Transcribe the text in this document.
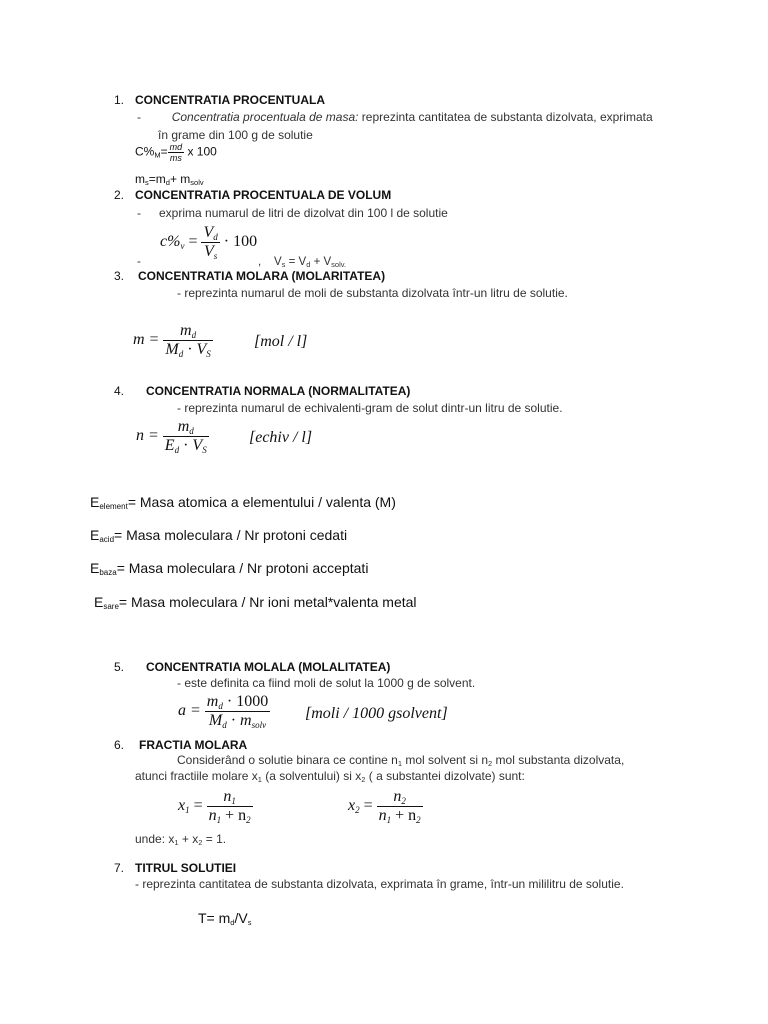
1. CONCENTRATIA PROCENTUALA
-	Concentratia procentuala de masa: reprezinta cantitatea de substanta dizolvata, exprimata
în grame din 100 g de solutie
$C\%_M= \frac{md}{ms}$ x 100
$m_s=m_d+ m_{solv}$
2. CONCENTRATIA PROCENTUALA DE VOLUM
- exprima numarul de litri de dizolvat din 100 l de solutie
$c\%_v = \frac{V_d}{V_s} \cdot 100$
-	, $V_s = V_d + V_{solv.}$
3. CONCENTRATIA MOLARA (MOLARITATEA)
- reprezinta numarul de moli de substanta dizolvata într-un litru de solutie.
$m = \frac{m_d}{M_d \cdot V_S}$	[mol / l]
4. CONCENTRATIA NORMALA (NORMALITATEA)
- reprezinta numarul de echivalenti-gram de solut dintr-un litru de solutie.
$n = \frac{m_d}{E_d \cdot V_S}$	[echiv / l]
$E_{element}=$ Masa atomica a elementului / valenta (M)
$E_{acid}=$ Masa moleculara / Nr protoni cedati
$E_{baza}=$ Masa moleculara / Nr protoni acceptati
$E_{sare}=$ Masa moleculara / Nr ioni metal*valenta metal
5. CONCENTRATIA MOLALA (MOLALITATEA)
- este definita ca fiind moli de solut la 1000 g de solvent.
$a = \frac{m_d \cdot 1000}{M_d \cdot m_{solv}}$ [moli / 1000 gsolvent]
6. FRACTIA MOLARA
Considerând o solutie binara ce contine $n_1$ mol solvent si $n_2$ mol substanta dizolvata,
atunci fractiile molare $x_1$ (a solventului) si $x_2$ ( a substantei dizolvate) sunt:
$x_1 = \frac{n_1}{n_1 + n_2}$	$x_2 = \frac{n_2}{n_1 + n_2}$
unde: $x_1 + x_2 = 1$.
7. TITRUL SOLUTIEI
- reprezinta cantitatea de substanta dizolvata, exprimata în grame, într-un mililitru de solutie.
$T= m_d/V_s$
